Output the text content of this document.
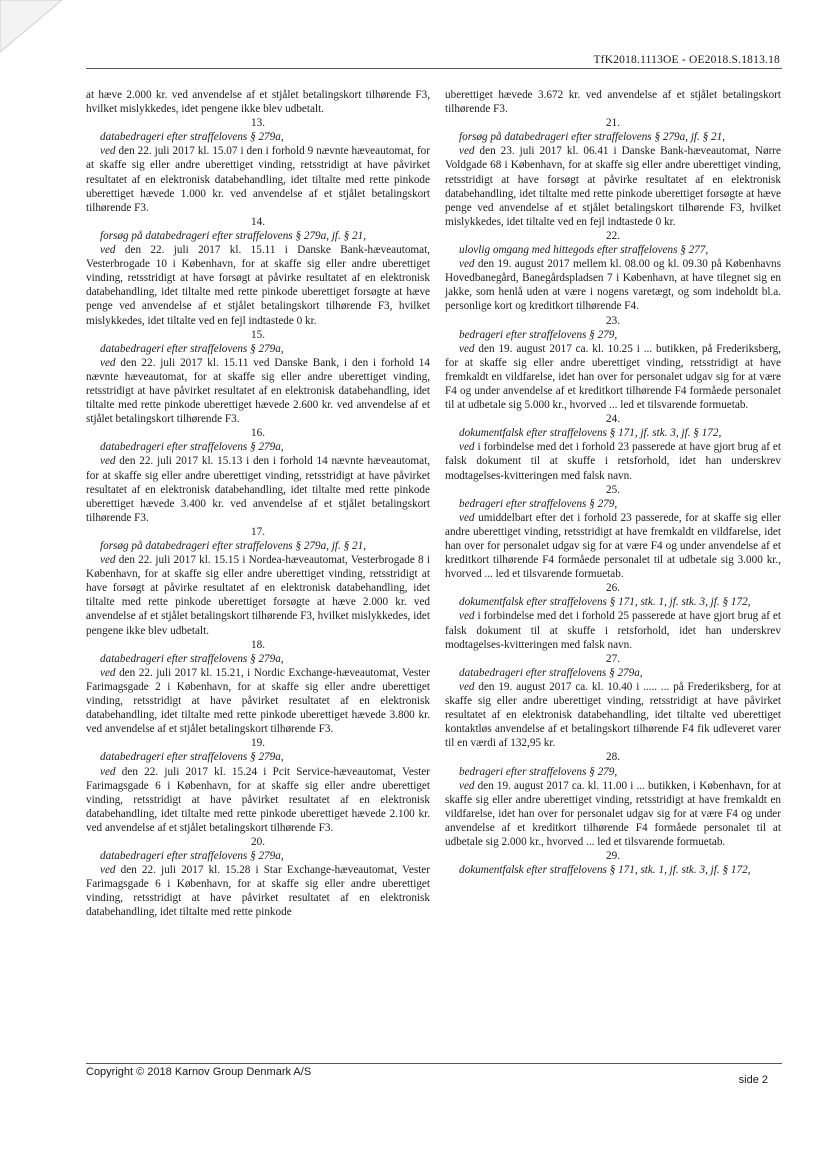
TfK2018.1113OE - OE2018.S.1813.18

at hæve 2.000 kr. ved anvendelse af et stjålet betalingskort tilhørende F3, hvilket mislykkedes, idet pengene ikke blev udbetalt.

13.
databedrageri efter straffelovens § 279a,
ved den 22. juli 2017 kl. 15.07 i den i forhold 9 nævnte hæveautomat, for at skaffe sig eller andre uberettiget vinding, retsstridigt at have påvirket resultatet af en elektronisk databehandling, idet tiltalte med rette pinkode uberettiget hævede 1.000 kr. ved anvendelse af et stjålet betalingskort tilhørende F3.
14.
forsøg på databedrageri efter straffelovens § 279a, jf. § 21,
ved den 22. juli 2017 kl. 15.11 i Danske Bank-hæveautomat, Vesterbrogade 10 i København, for at skaffe sig eller andre uberettiget vinding, retsstridigt at have forsøgt at påvirke resultatet af en elektronisk databehandling, idet tiltalte med rette pinkode uberettiget forsøgte at hæve penge ved anvendelse af et stjålet betalingskort tilhørende F3, hvilket mislykkedes, idet tiltalte ved en fejl indtastede 0 kr.
15.
databedrageri efter straffelovens § 279a,
ved den 22. juli 2017 kl. 15.11 ved Danske Bank, i den i forhold 14 nævnte hæveautomat, for at skaffe sig eller andre uberettiget vinding, retsstridigt at have påvirket resultatet af en elektronisk databehandling, idet tiltalte med rette pinkode uberettiget hævede 2.600 kr. ved anvendelse af et stjålet betalingskort tilhørende F3.
16.
databedrageri efter straffelovens § 279a,
ved den 22. juli 2017 kl. 15.13 i den i forhold 14 nævnte hæveautomat, for at skaffe sig eller andre uberettiget vinding, retsstridigt at have påvirket resultatet af en elektronisk databehandling, idet tiltalte med rette pinkode uberettiget hævede 3.400 kr. ved anvendelse af et stjålet betalingskort tilhørende F3.
17.
forsøg på databedrageri efter straffelovens § 279a, jf. § 21,
ved den 22. juli 2017 kl. 15.15 i Nordea-hæveautomat, Vesterbrogade 8 i København, for at skaffe sig eller andre uberettiget vinding, retsstridigt at have forsøgt at påvirke resultatet af en elektronisk databehandling, idet tiltalte med rette pinkode uberettiget forsøgte at hæve 2.000 kr. ved anvendelse af et stjålet betalingskort tilhørende F3, hvilket mislykkedes, idet pengene ikke blev udbetalt.
18.
databedrageri efter straffelovens § 279a,
ved den 22. juli 2017 kl. 15.21, i Nordic Exchange-hæveautomat, Vester Farimagsgade 2 i København, for at skaffe sig eller andre uberettiget vinding, retsstridigt at have påvirket resultatet af en elektronisk databehandling, idet tiltalte med rette pinkode uberettiget hævede 3.800 kr. ved anvendelse af et stjålet betalingskort tilhørende F3.
19.
databedrageri efter straffelovens § 279a,
ved den 22. juli 2017 kl. 15.24 i Pcit Service-hæveautomat, Vester Farimagsgade 6 i København, for at skaffe sig eller andre uberettiget vinding, retsstridigt at have påvirket resultatet af en elektronisk databehandling, idet tiltalte med rette pinkode uberettiget hævede 2.100 kr. ved anvendelse af et stjålet betalingskort tilhørende F3.
20.
databedrageri efter straffelovens § 279a,
ved den 22. juli 2017 kl. 15.28 i Star Exchange-hæveautomat, Vester Farimagsgade 6 i København, for at skaffe sig eller andre uberettiget vinding, retsstridigt at have påvirket resultatet af en elektronisk databehandling, idet tiltalte med rette pinkode

uberettiget hævede 3.672 kr. ved anvendelse af et stjålet betalingskort tilhørende F3.

21.
forsøg på databedrageri efter straffelovens § 279a, jf. § 21,
ved den 23. juli 2017 kl. 06.41 i Danske Bank-hæveautomat, Nørre Voldgade 68 i København, for at skaffe sig eller andre uberettiget vinding, retsstridigt at have forsøgt at påvirke resultatet af en elektronisk databehandling, idet tiltalte med rette pinkode uberettiget forsøgte at hæve penge ved anvendelse af et stjålet betalingskort tilhørende F3, hvilket mislykkedes, idet tiltalte ved en fejl indtastede 0 kr.
22.
ulovlig omgang med hittegods efter straffelovens § 277,
ved den 19. august 2017 mellem kl. 08.00 og kl. 09.30 på Københavns Hovedbanegård, Banegårdspladsen 7 i København, at have tilegnet sig en jakke, som henlå uden at være i nogens varetægt, og som indeholdt bl.a. personlige kort og kreditkort tilhørende F4.
23.
bedrageri efter straffelovens § 279,
ved den 19. august 2017 ca. kl. 10.25 i ... butikken, på Frederiksberg, for at skaffe sig eller andre uberettiget vinding, retsstridigt at have fremkaldt en vildfarelse, idet han over for personalet udgav sig for at være F4 og under anvendelse af et kreditkort tilhørende F4 formåede personalet til at udbetale sig 5.000 kr., hvorved ... led et tilsvarende formuetab.
24.
dokumentfalsk efter straffelovens § 171, jf. stk. 3, jf. § 172,
ved i forbindelse med det i forhold 23 passerede at have gjort brug af et falsk dokument til at skuffe i retsforhold, idet han underskrev modtagelses-kvitteringen med falsk navn.
25.
bedrageri efter straffelovens § 279,
ved umiddelbart efter det i forhold 23 passerede, for at skaffe sig eller andre uberettiget vinding, retsstridigt at have fremkaldt en vildfarelse, idet han over for personalet udgav sig for at være F4 og under anvendelse af et kreditkort tilhørende F4 formåede personalet til at udbetale sig 3.000 kr., hvorved ... led et tilsvarende formuetab.
26.
dokumentfalsk efter straffelovens § 171, stk. 1, jf. stk. 3, jf. § 172,
ved i forbindelse med det i forhold 25 passerede at have gjort brug af et falsk dokument til at skuffe i retsforhold, idet han underskrev modtagelses-kvitteringen med falsk navn.
27.
databedrageri efter straffelovens § 279a,
ved den 19. august 2017 ca. kl. 10.40 i ..... ... på Frederiksberg, for at skaffe sig eller andre uberettiget vinding, retsstridigt at have påvirket resultatet af en elektronisk databehandling, idet tiltalte ved uberettiget kontaktløs anvendelse af et betalingskort tilhørende F4 fik udleveret varer til en værdi af 132,95 kr.
28.
bedrageri efter straffelovens § 279,
ved den 19. august 2017 ca. kl. 11.00 i ... butikken, i København, for at skaffe sig eller andre uberettiget vinding, retsstridigt at have fremkaldt en vildfarelse, idet han over for personalet udgav sig for at være F4 og under anvendelse af et kreditkort tilhørende F4 formåede personalet til at udbetale sig 2.000 kr., hvorved ... led et tilsvarende formuetab.
29.
dokumentfalsk efter straffelovens § 171, stk. 1, jf. stk. 3, jf. § 172,
Copyright © 2018 Karnov Group Denmark A/S
side 2
